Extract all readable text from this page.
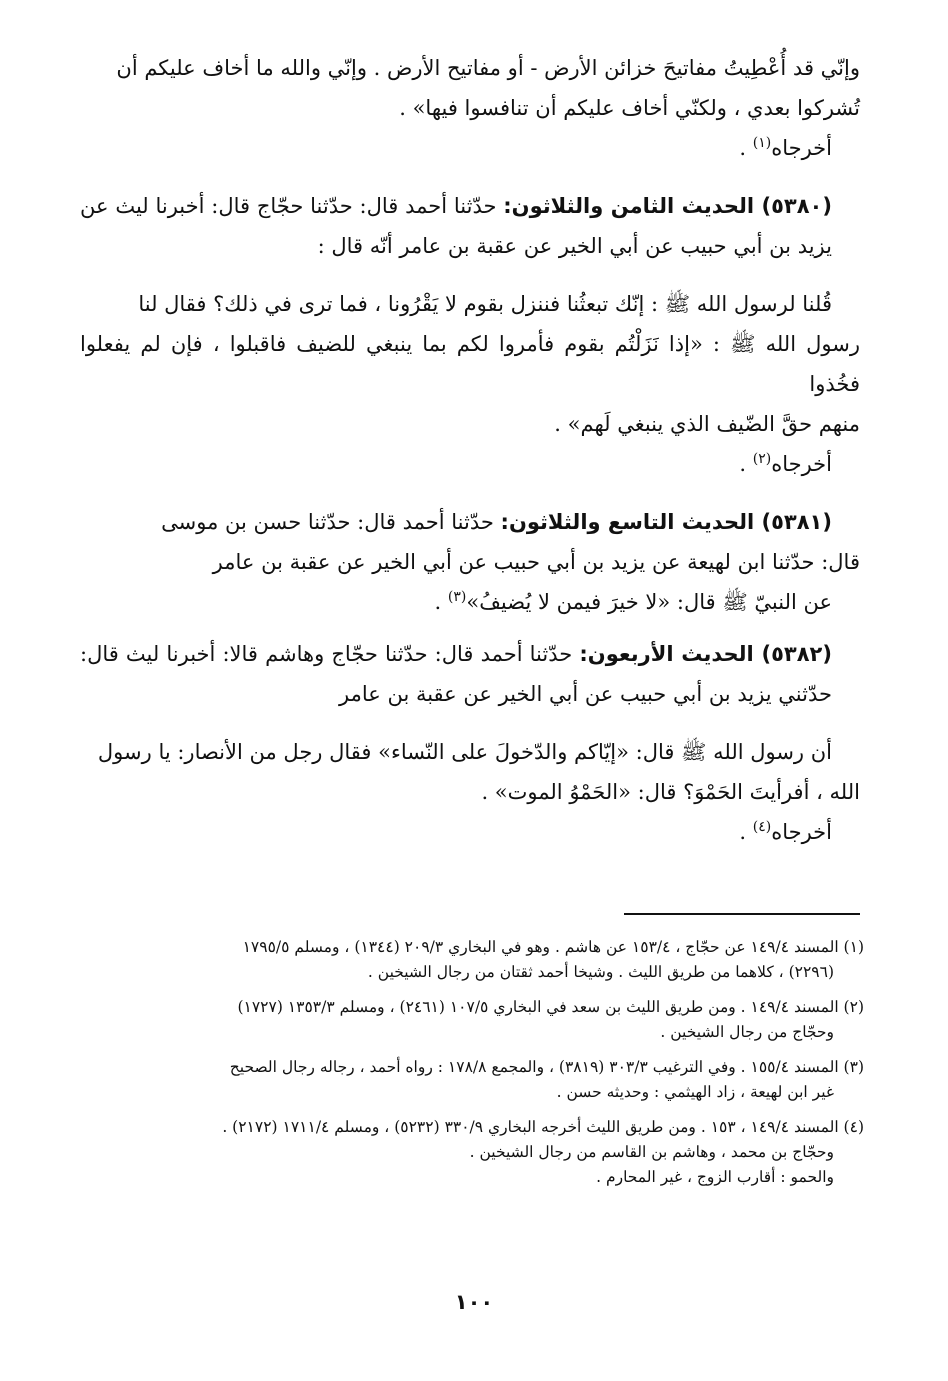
وإنّي قد أُعْطِيتُ مفاتيحَ خزائن الأرض - أو مفاتيح الأرض . وإنّي والله ما أخاف عليكم أن

تُشركوا بعدي ، ولكنّي أخاف عليكم أن تنافسوا فيها» .

أخرجاه$^{(١)}$ .

(٥٣٨٠) الحديث الثامن والثلاثون: حدّثنا أحمد قال: حدّثنا حجّاج قال: أخبرنا ليث عن يزيد بن أبي حبيب عن أبي الخير عن عقبة بن عامر أنّه قال :

قُلنا لرسول الله ﷺ : إنّك تبعثُنا فننزل بقوم لا يَقْرُونا ، فما ترى في ذلك؟ فقال لنا

رسول الله ﷺ : «إذا نَزَلْتُم بقوم فأمروا لكم بما ينبغي للضيف فاقبلوا ، فإن لم يفعلوا فخُذوا

منهم حقَّ الضّيف الذي ينبغي لَهم» .

أخرجاه$^{(٢)}$ .

(٥٣٨١) الحديث التاسع والثلاثون: حدّثنا أحمد قال: حدّثنا حسن بن موسى

قال: حدّثنا ابن لهيعة عن يزيد بن أبي حبيب عن أبي الخير عن عقبة بن عامر

عن النبيّ ﷺ قال: «لا خيرَ فيمن لا يُضيفُ»$^{(٣)}$ .

(٥٣٨٢) الحديث الأربعون: حدّثنا أحمد قال: حدّثنا حجّاج وهاشم قالا: أخبرنا ليث قال: حدّثني يزيد بن أبي حبيب عن أبي الخير عن عقبة بن عامر

أن رسول الله ﷺ قال: «إيّاكم والدّخولَ على النّساء» فقال رجل من الأنصار: يا رسول

الله ، أفرأيتَ الحَمْوَ؟ قال: «الحَمْوُ الموت» .

أخرجاه$^{(٤)}$ .

(١) المسند ١٤٩/٤ عن حجّاج ، ١٥٣/٤ عن هاشم . وهو في البخاري ٢٠٩/٣ (١٣٤٤) ، ومسلم ١٧٩٥/٥
(٢٢٩٦) ، كلاهما من طريق الليث . وشيخا أحمد ثقتان من رجال الشيخين .
(٢) المسند ١٤٩/٤ . ومن طريق الليث بن سعد في البخاري ١٠٧/٥ (٢٤٦١) ، ومسلم ١٣٥٣/٣ (١٧٢٧)
وحجّاج من رجال الشيخين .
(٣) المسند ١٥٥/٤ . وفي الترغيب ٣٠٣/٣ (٣٨١٩) ، والمجمع ١٧٨/٨ : رواه أحمد ، رجاله رجال الصحيح
غير ابن لهيعة ، زاد الهيثمي : وحديثه حسن .
(٤) المسند ١٤٩/٤ ، ١٥٣ . ومن طريق الليث أخرجه البخاري ٣٣٠/٩ (٥٢٣٢) ، ومسلم ١٧١١/٤ (٢١٧٢) .
وحجّاج بن محمد ، وهاشم بن القاسم من رجال الشيخين .
والحمو : أقارب الزوج ، غير المحارم .
١٠٠
